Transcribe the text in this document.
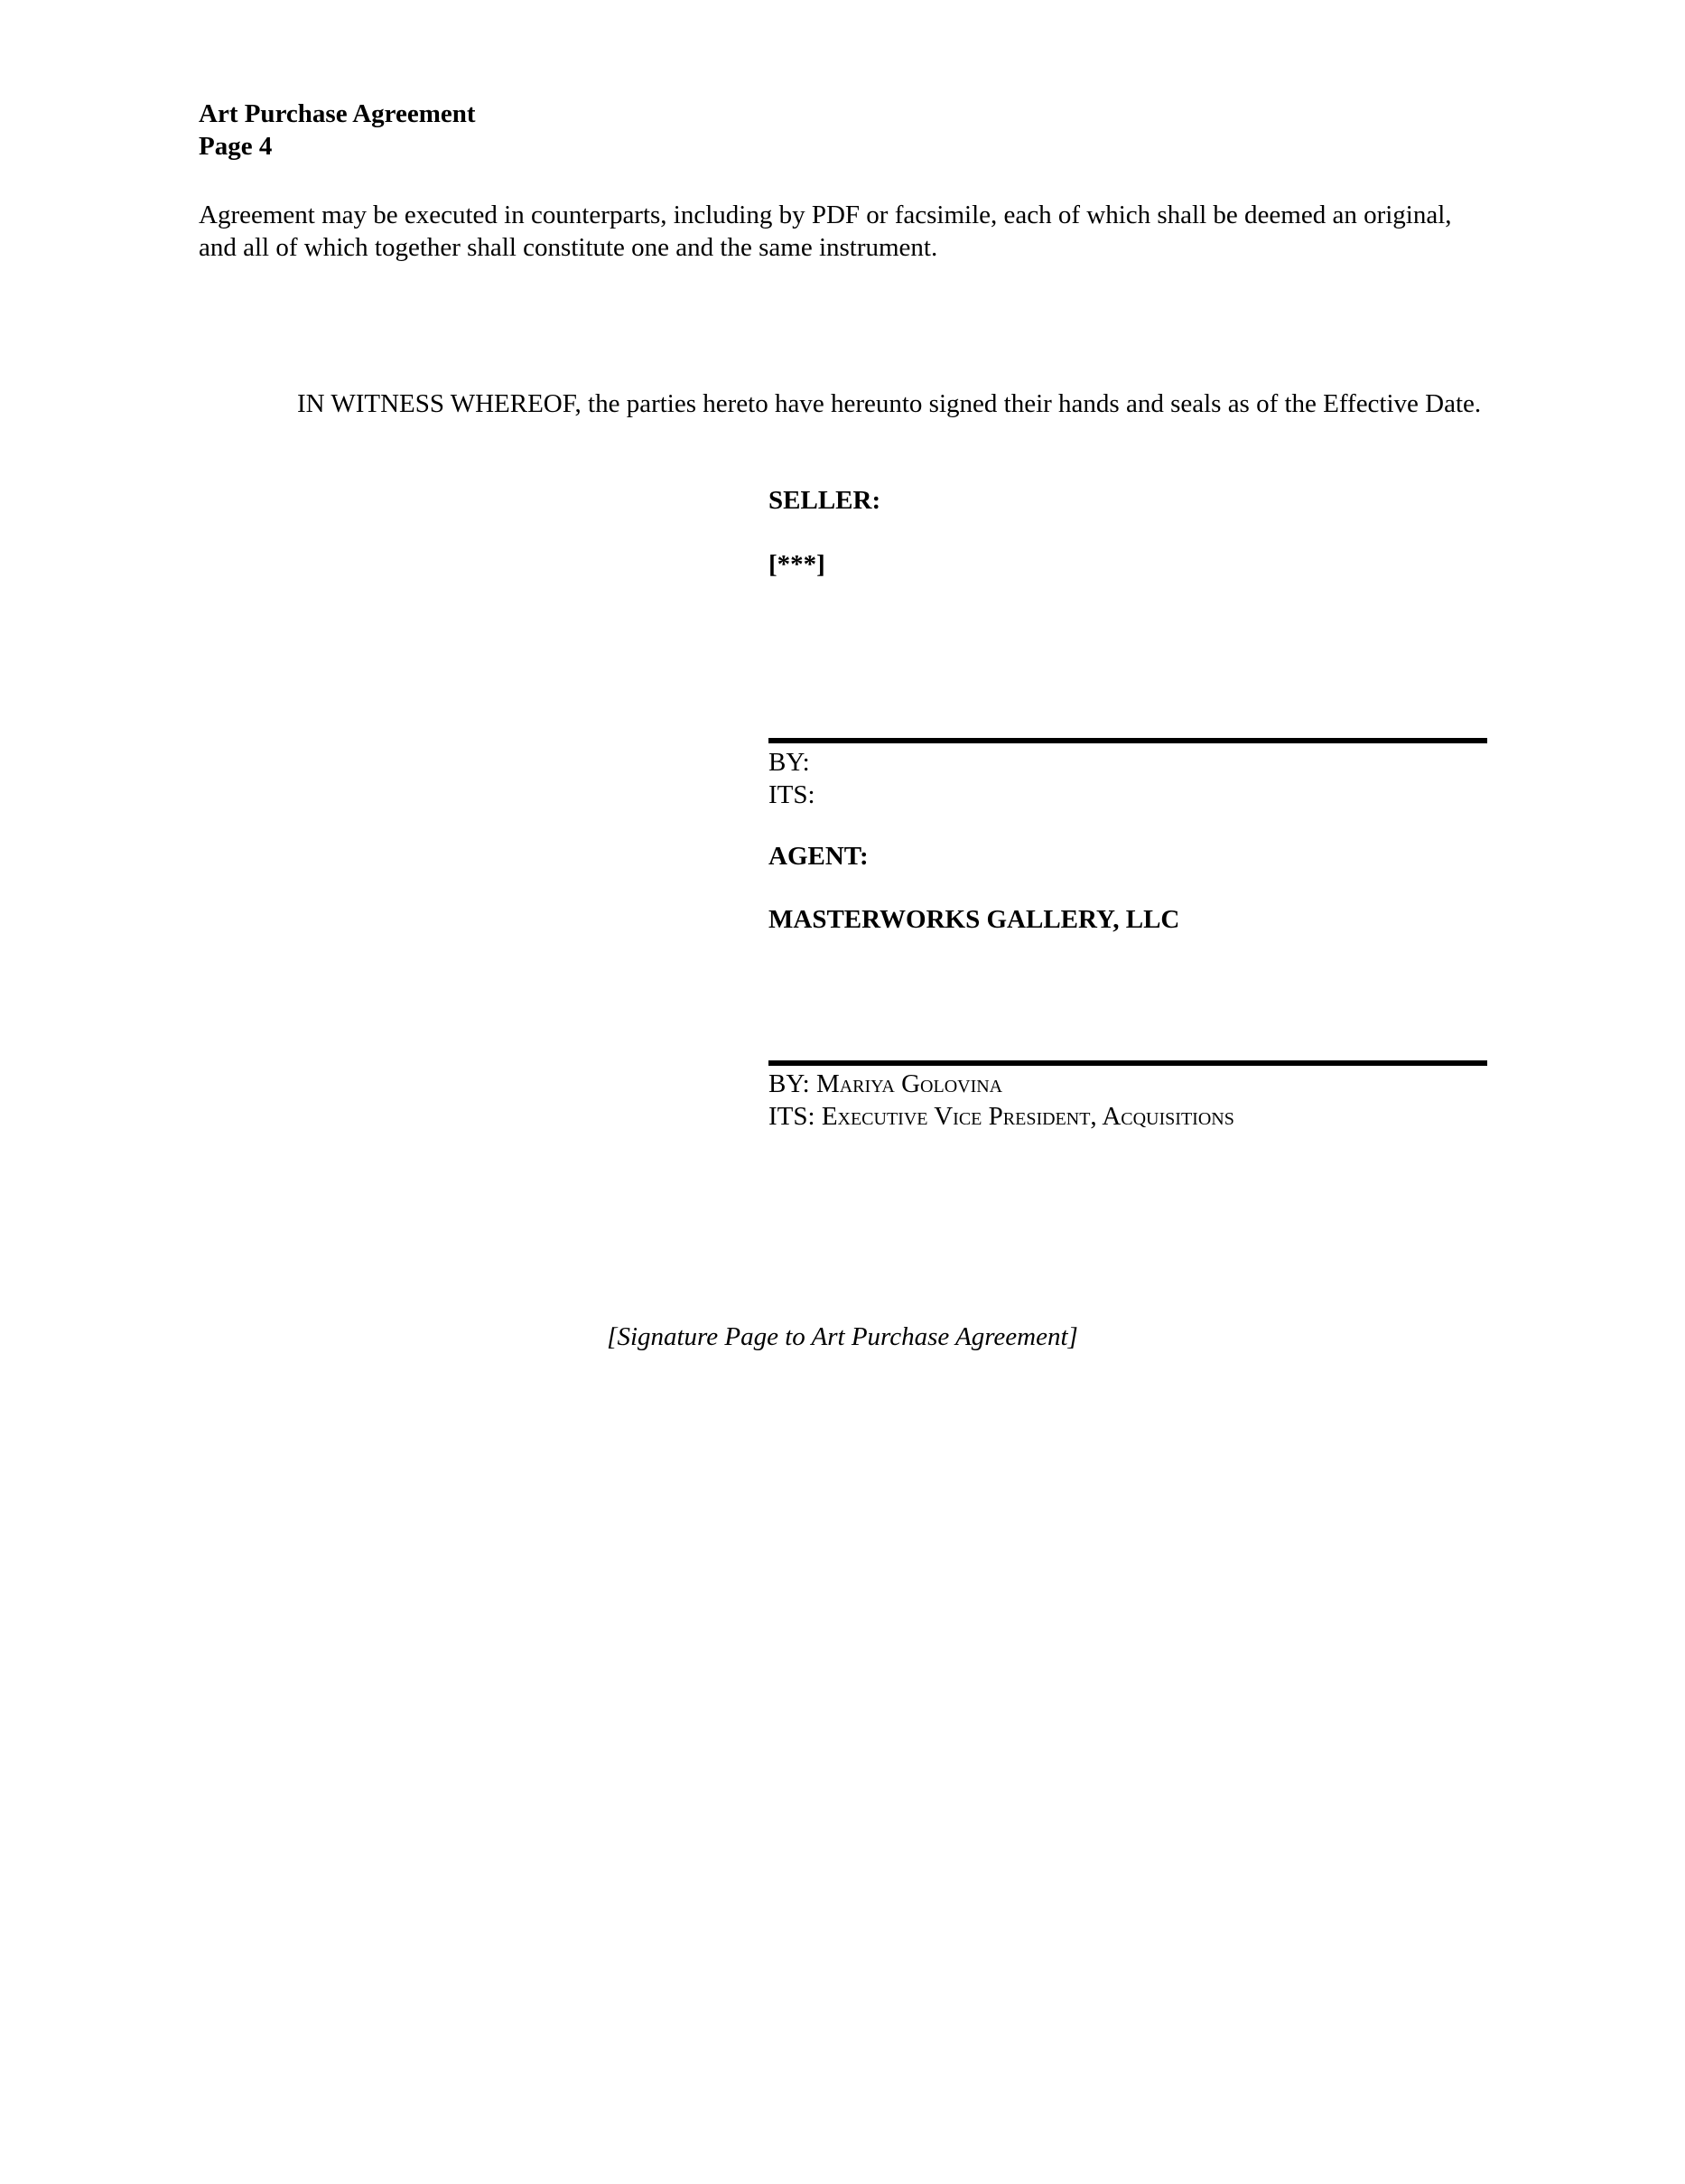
Art Purchase Agreement
Page 4
Agreement may be executed in counterparts, including by PDF or facsimile, each of which shall be deemed an original,
and all of which together shall constitute one and the same instrument.
IN WITNESS WHEREOF, the parties hereto have hereunto signed their hands and seals as of the Effective Date.
SELLER:
[***]
BY:
ITS:
AGENT:
MASTERWORKS GALLERY, LLC
BY: Mariya Golovina
ITS: Executive Vice President, Acquisitions
[Signature Page to Art Purchase Agreement]
